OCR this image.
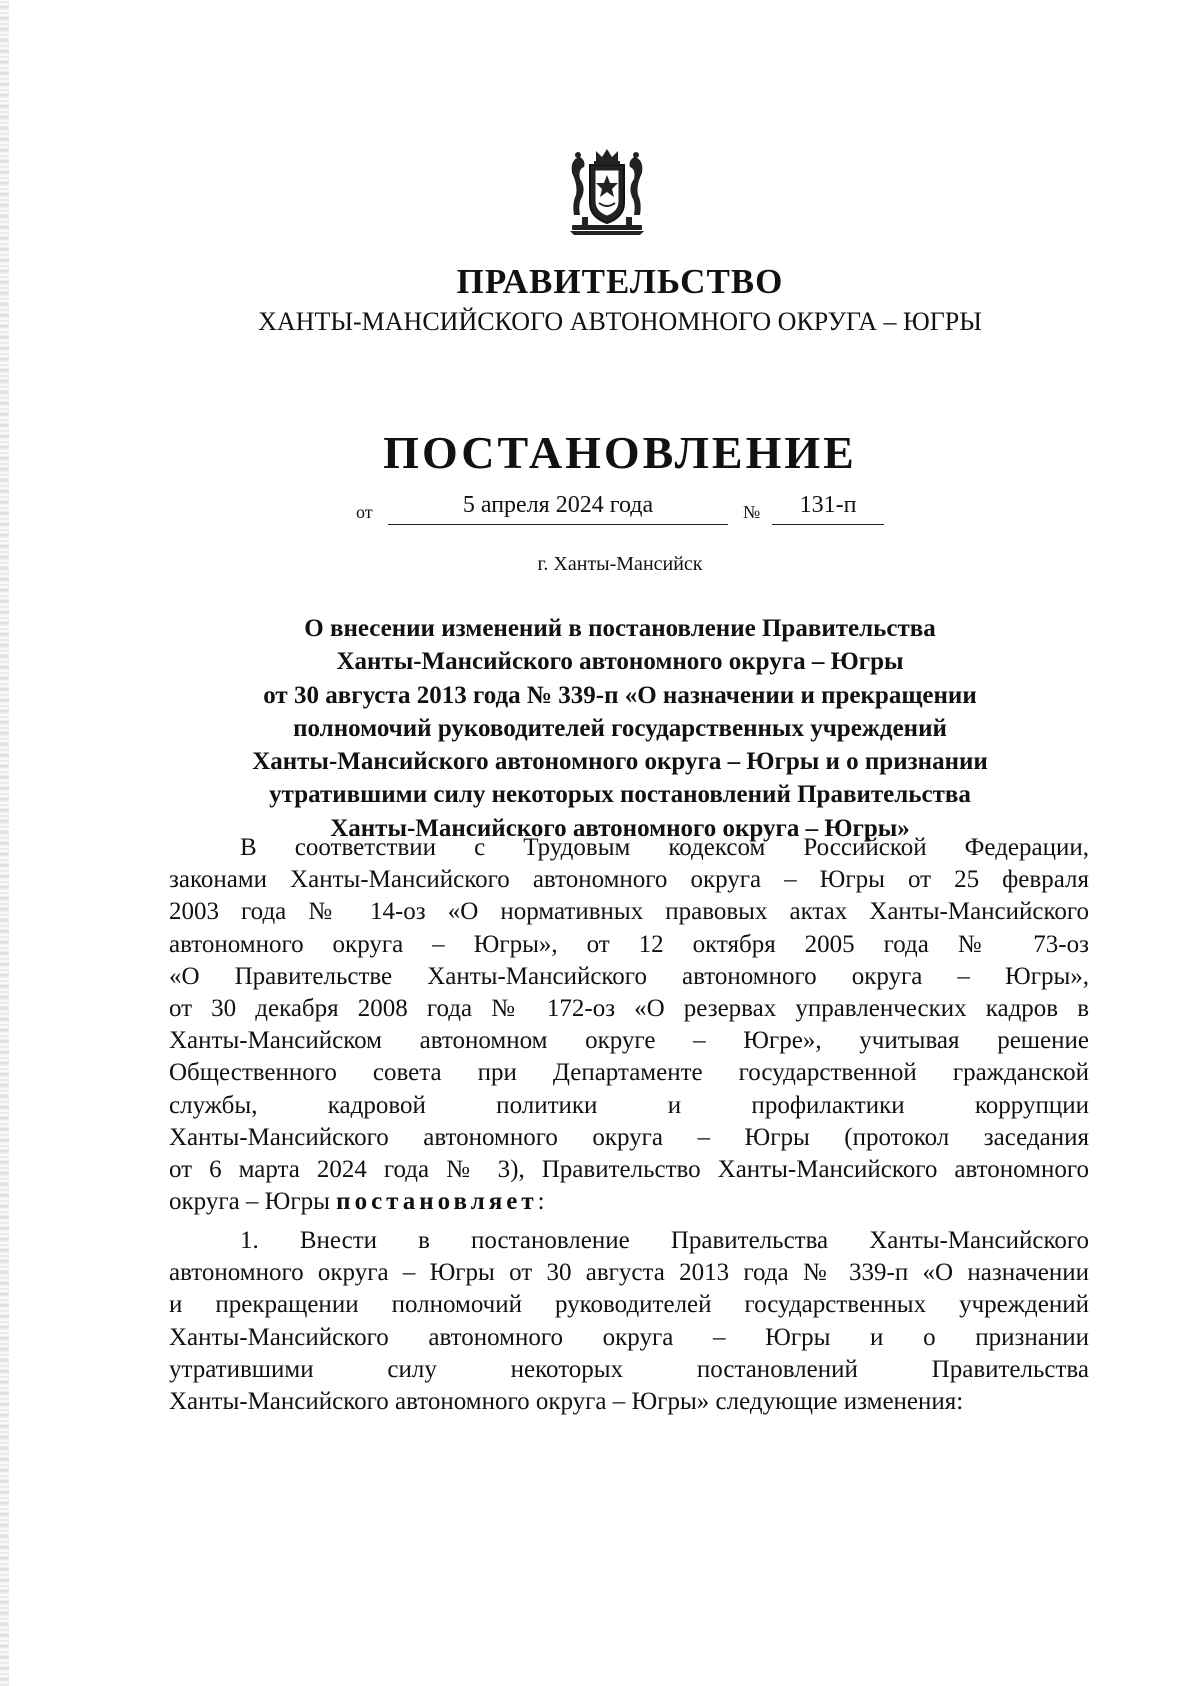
ПРАВИТЕЛЬСТВО
ХАНТЫ-МАНСИЙСКОГО АВТОНОМНОГО ОКРУГА – ЮГРЫ
ПОСТАНОВЛЕНИЕ
от	5 апреля 2024 года	№	131-п
г. Ханты-Мансийск
О внесении изменений в постановление Правительства
Ханты-Мансийского автономного округа – Югры
от 30 августа 2013 года № 339-п «О назначении и прекращении
полномочий руководителей государственных учреждений
Ханты-Мансийского автономного округа – Югры и о признании
утратившими силу некоторых постановлений Правительства
Ханты-Мансийского автономного округа – Югры»
В соответствии с Трудовым кодексом Российской Федерации,
законами Ханты-Мансийского автономного округа – Югры от 25 февраля
2003 года № 14-оз «О нормативных правовых актах Ханты-Мансийского
автономного округа – Югры», от 12 октября 2005 года № 73-оз
«О Правительстве Ханты-Мансийского автономного округа – Югры»,
от 30 декабря 2008 года № 172-оз «О резервах управленческих кадров в
Ханты-Мансийском автономном округе – Югре», учитывая решение
Общественного совета при Департаменте государственной гражданской
службы, кадровой политики и профилактики коррупции
Ханты-Мансийского автономного округа – Югры (протокол заседания
от 6 марта 2024 года № 3), Правительство Ханты-Мансийского автономного
округа – Югры постановляет:
1. Внести в постановление Правительства Ханты-Мансийского
автономного округа – Югры от 30 августа 2013 года № 339-п «О назначении
и прекращении полномочий руководителей государственных учреждений
Ханты-Мансийского автономного округа – Югры и о признании
утратившими силу некоторых постановлений Правительства
Ханты-Мансийского автономного округа – Югры» следующие изменения:
